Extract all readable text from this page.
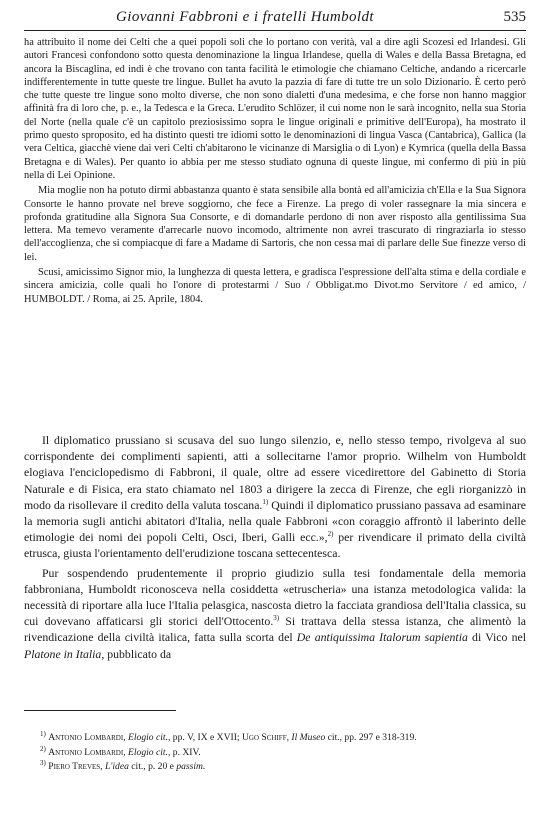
Giovanni Fabbroni e i fratelli Humboldt	535

ha attribuito il nome dei Celti che a quei popoli soli che lo portano con verità, val a dire agli Scozesi ed Irlandesi. Gli autori Francesi confondono sotto questa denominazione la lingua Irlandese, quella di Wales e della Bassa Bretagna, ed ancora la Biscaglina, ed indi è che trovano con tanta facilità le etimologie che chiamano Celtiche, andando a ricercarle indifferentemente in tutte queste tre lingue. Bullet ha avuto la pazzia di fare di tutte tre un solo Dizionario. È certo però che tutte queste tre lingue sono molto diverse, che non sono dialetti d'una medesima, e che forse non hanno maggior affinità fra di loro che, p. e., la Tedesca e la Greca. L'erudito Schlözer, il cui nome non le sarà incognito, nella sua Storia del Norte (nella quale c'è un capitolo preziosissimo sopra le lingue originali e primitive dell'Europa), ha mostrato il primo questo sproposito, ed ha distinto questi tre idiomi sotto le denominazioni di lingua Vasca (Cantabrica), Gallica (la vera Celtica, giacchè viene dai veri Celti ch'abitarono le vicinanze di Marsiglia o di Lyon) e Kymrica (quella della Bassa Bretagna e di Wales). Per quanto io abbia per me stesso studiato ognuna di queste lingue, mi confermo di più in più nella di Lei Opinione.

Mia moglie non ha potuto dirmi abbastanza quanto è stata sensibile alla bontà ed all'amicizia ch'Ella e la Sua Signora Consorte le hanno provate nel breve soggiorno, che fece a Firenze. La prego di voler rassegnare la mia sincera e profonda gratitudine alla Signora Sua Consorte, e di domandarle perdono di non aver risposto alla gentilissima Sua lettera. Ma temevo veramente d'arrecarle nuovo incomodo, altrimente non avrei trascurato di ringraziarla io stesso dell'accoglienza, che si compiacque di fare a Madame di Sartoris, che non cessa mai di parlare delle Sue finezze verso di lei.

Scusi, amicissimo Signor mio, la lunghezza di questa lettera, e gradisca l'espressione dell'alta stima e della cordiale e sincera amicizia, colle quali ho l'onore di protestarmi / Suo / Obbligat.mo Divot.mo Servitore / ed amico, / HUMBOLDT. / Roma, ai 25. Aprile, 1804.

Il diplomatico prussiano si scusava del suo lungo silenzio, e, nello stesso tempo, rivolgeva al suo corrispondente dei complimenti sapienti, atti a sollecitarne l'amor proprio. Wilhelm von Humboldt elogiava l'enciclopedismo di Fabbroni, il quale, oltre ad essere vicedirettore del Gabinetto di Storia Naturale e di Fisica, era stato chiamato nel 1803 a dirigere la zecca di Firenze, che egli riorganizzò in modo da risollevare il credito della valuta toscana.$^{1)}$ Quindi il diplomatico prussiano passava ad esaminare la memoria sugli antichi abitatori d'Italia, nella quale Fabbroni «con coraggio affrontò il laberinto delle etimologie dei nomi dei popoli Celti, Osci, Iberi, Galli ecc.»,$^{2)}$ per rivendicare il primato della civiltà etrusca, giusta l'orientamento dell'erudizione toscana settecentesca.

Pur sospendendo prudentemente il proprio giudizio sulla tesi fondamentale della memoria fabbroniana, Humboldt riconosceva nella cosiddetta «etruscheria» una istanza metodologica valida: la necessità di riportare alla luce l'Italia pelasgica, nascosta dietro la facciata grandiosa dell'Italia classica, su cui dovevano affaticarsi gli storici dell'Ottocento.$^{3)}$ Si trattava della stessa istanza, che alimentò la rivendicazione della civiltà italica, fatta sulla scorta del De antiquissima Italorum sapientia di Vico nel Platone in Italia, pubblicato da

$^{1)}$ Antonio Lombardi, Elogio cit., pp. V, IX e XVII; Ugo Schiff, Il Museo cit., pp. 297 e 318-319.

$^{2)}$ Antonio Lombardi, Elogio cit., p. XIV.

$^{3)}$ Piero Treves, L'idea cit., p. 20 e passim.
